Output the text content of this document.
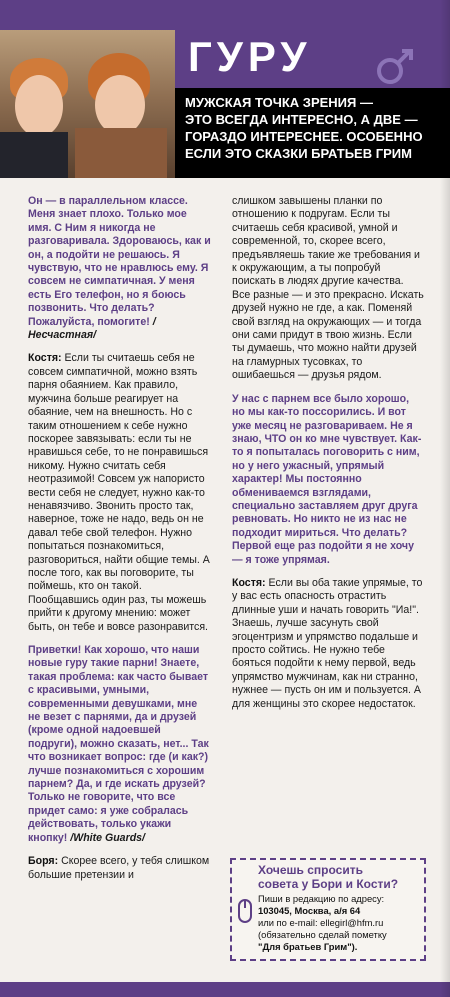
ГУРУ
МУЖСКАЯ ТОЧКА ЗРЕНИЯ —
ЭТО ВСЕГДА ИНТЕРЕСНО, А ДВЕ —
ГОРАЗДО ИНТЕРЕСНЕЕ. ОСОБЕННО
ЕСЛИ ЭТО СКАЗКИ БРАТЬЕВ ГРИМ
Он — в параллельном классе. Меня знает плохо. Только мое имя. С Ним я никогда не разговаривала. Здороваюсь, как и он, а подойти не решаюсь. Я чувствую, что не нравлюсь ему. Я совсем не симпатичная. У меня есть Его телефон, но я боюсь позвонить. Что делать? Пожалуйста, помогите! /Несчастная/
Костя: Если ты считаешь себя не совсем симпатичной, можно взять парня обаянием. Как правило, мужчина больше реагирует на обаяние, чем на внешность. Но с таким отношением к себе нужно поскорее завязывать: если ты не нравишься себе, то не понравишься никому. Нужно считать себя неотразимой! Совсем уж напористо вести себя не следует, нужно как-то ненавязчиво. Звонить просто так, наверное, тоже не надо, ведь он не давал тебе свой телефон. Нужно попытаться познакомиться, разговориться, найти общие темы. А после того, как вы поговорите, ты поймешь, кто он такой. Пообщавшись один раз, ты можешь прийти к другому мнению: может быть, он тебе и вовсе разонравится.
Приветки! Как хорошо, что наши новые гуру такие парни! Знаете, такая проблема: как часто бывает с красивыми, умными, современными девушками, мне не везет с парнями, да и друзей (кроме одной надоевшей подруги), можно сказать, нет... Так что возникает вопрос: где (и как?) лучше познакомиться с хорошим парнем? Да, и где искать друзей? Только не говорите, что все придет само: я уже собралась действовать, только укажи кнопку! /White Guards/
Боря: Скорее всего, у тебя слишком большие претензии и
слишком завышены планки по отношению к подругам. Если ты считаешь себя красивой, умной и современной, то, скорее всего, предъявляешь такие же требования и к окружающим, а ты попробуй поискать в людях другие качества. Все разные — и это прекрасно. Искать друзей нужно не где, а как. Поменяй свой взгляд на окружающих — и тогда они сами придут в твою жизнь. Если ты думаешь, что можно найти друзей на гламурных тусовках, то ошибаешься — друзья рядом.
У нас с парнем все было хорошо, но мы как-то поссорились. И вот уже месяц не разговариваем. Не я знаю, ЧТО он ко мне чувствует. Как-то я попыталась поговорить с ним, но у него ужасный, упрямый характер! Мы постоянно обмениваемся взглядами, специально заставляем друг друга ревновать. Но никто не из нас не подходит мириться. Что делать? Первой еще раз подойти я не хочу — я тоже упрямая.
Костя: Если вы оба такие упрямые, то у вас есть опасность отрастить длинные уши и начать говорить "Иа!". Знаешь, лучше засунуть свой эгоцентризм и упрямство подальше и просто сойтись. Не нужно тебе бояться подойти к нему первой, ведь упрямство мужчинам, как ни странно, нужнее — пусть он им и пользуется. А для женщины это скорее недостаток.
Хочешь спросить
совета у Бори и Кости?
Пиши в редакцию по адресу:
103045, Москва, а/я 64
или по e-mail: ellegirl@hfm.ru
(обязательно сделай пометку
"Для братьев Грим").
